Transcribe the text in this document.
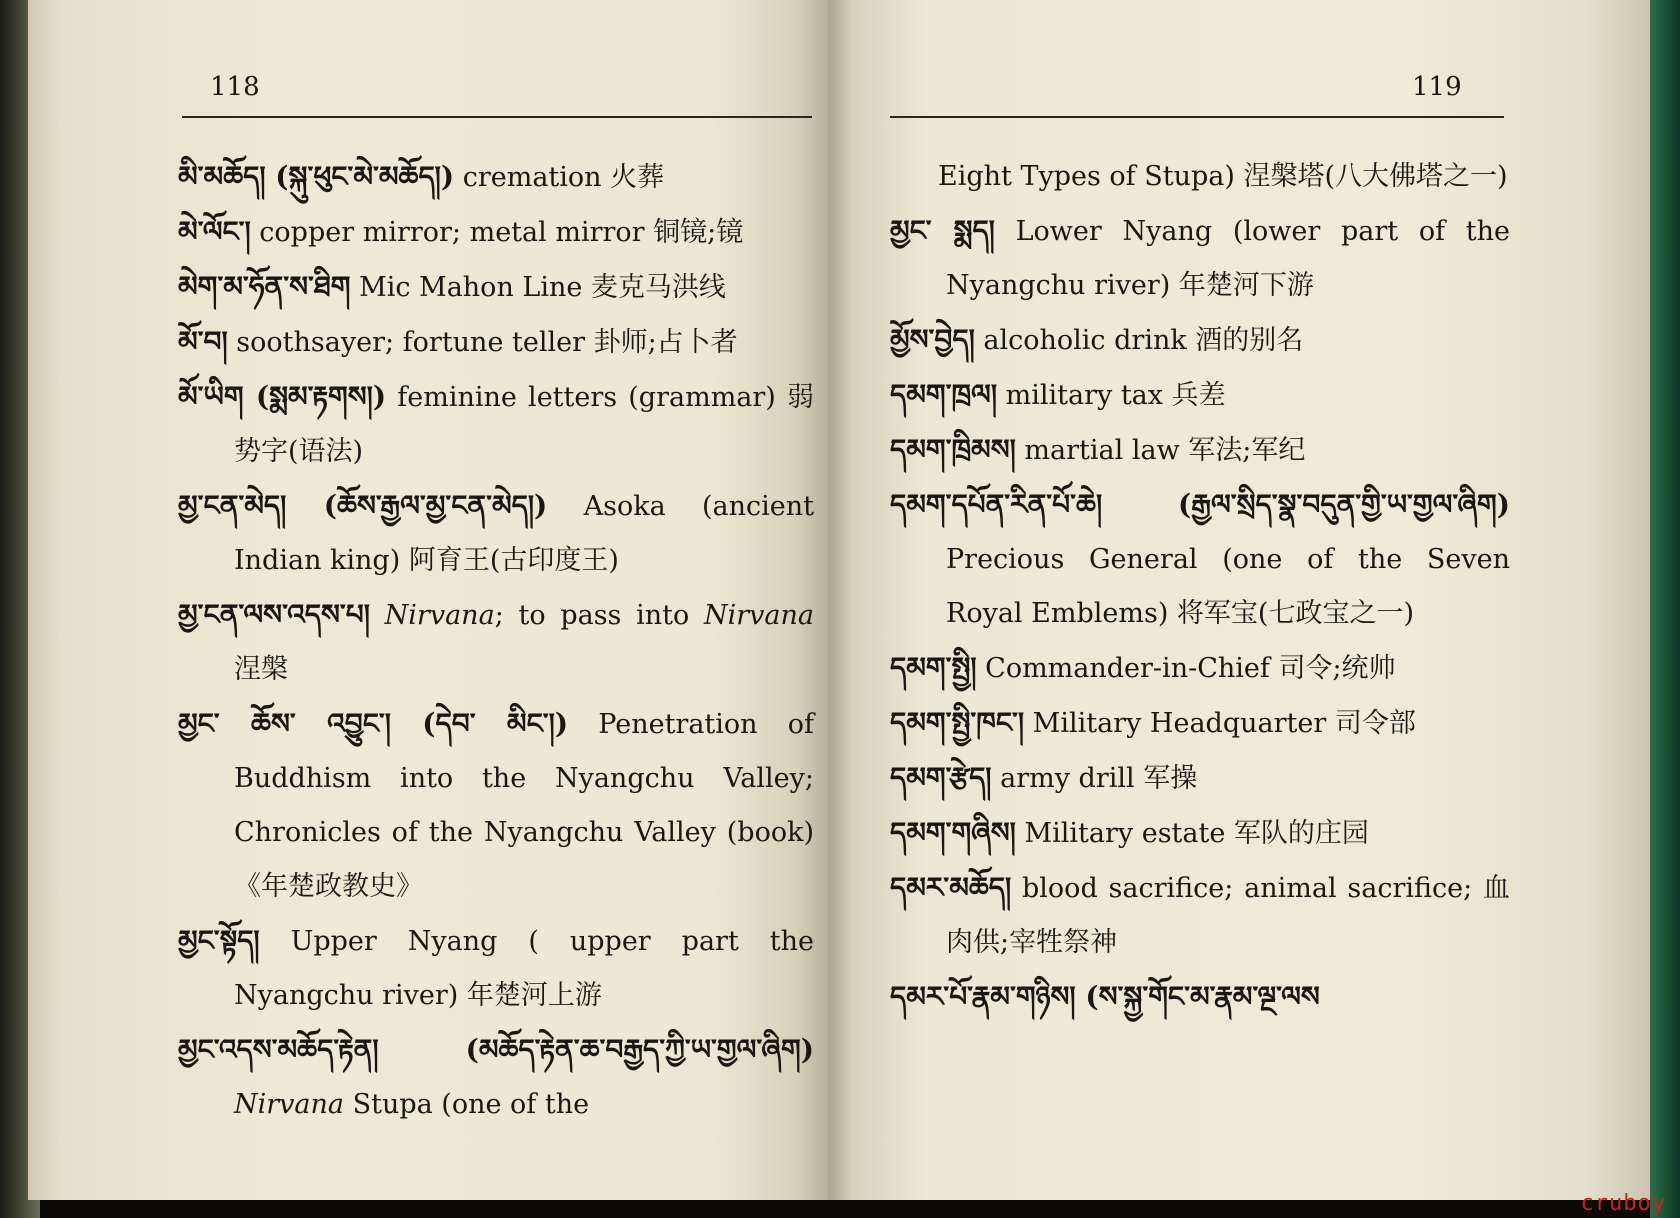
118
མི་མཆོད། (སྐུ་ཕུང་མེ་མཆོད།) cremation 火葬
མེ་ལོང་། copper mirror; metal mirror 铜镜;镜
མེག་མ་ཧོན་ས་ཐིག Mic Mahon Line 麦克马洪线
མོ་བ། soothsayer; fortune teller 卦师;占卜者
མོ་ཡིག (སྨམ་རྟགས།) feminine letters (grammar) 弱势字(语法)
མྱ་ངན་མེད། (ཆོས་རྒྱལ་མྱ་ངན་མེད།) Asoka (ancient Indian king) 阿育王(古印度王)
མྱ་ངན་ལས་འདས་པ། Nirvana; to pass into Nirvana 涅槃
མྱང་ ཆོས་ འབྱུང་། (དེབ་ མིང་།) Penetration of Buddhism into the Nyangchu Valley; Chronicles of the Nyangchu Valley (book)《年楚政教史》
མྱང་སྟོད། Upper Nyang ( upper part the Nyangchu river) 年楚河上游
མྱང་འདས་མཆོད་རྟེན། (མཆོད་རྟེན་ཆ་བརྒྱད་ཀྱི་ཡ་གྱལ་ཞིག) Nirvana Stupa (one of the
119
Eight Types of Stupa) 涅槃塔(八大佛塔之一)
མྱང་ སྨད། Lower Nyang (lower part of the Nyangchu river) 年楚河下游
མྱོས་བྱེད། alcoholic drink 酒的别名
དམག་ཁྲལ། military tax 兵差
དམག་ཁྲིམས། martial law 军法;军纪
དམག་དཔོན་རིན་པོ་ཆེ། (རྒྱལ་སྲིད་སྣ་བདུན་གྱི་ཡ་གྱལ་ཞིག) Precious General (one of the Seven Royal Emblems) 将军宝(七政宝之一)
དམག་སྤྱི། Commander-in-Chief 司令;统帅
དམག་སྤྱི་ཁང་། Military Headquarter 司令部
དམག་རྩེད། army drill 军操
དམག་གཞིས། Military estate 军队的庄园
དམར་མཆོད། blood sacrifice; animal sacrifice; 血肉供;宰牲祭神
དམར་པོ་རྣམ་གཉིས། (ས་སྐྱ་གོང་མ་རྣམ་ལྔ་ལས
cruboy
